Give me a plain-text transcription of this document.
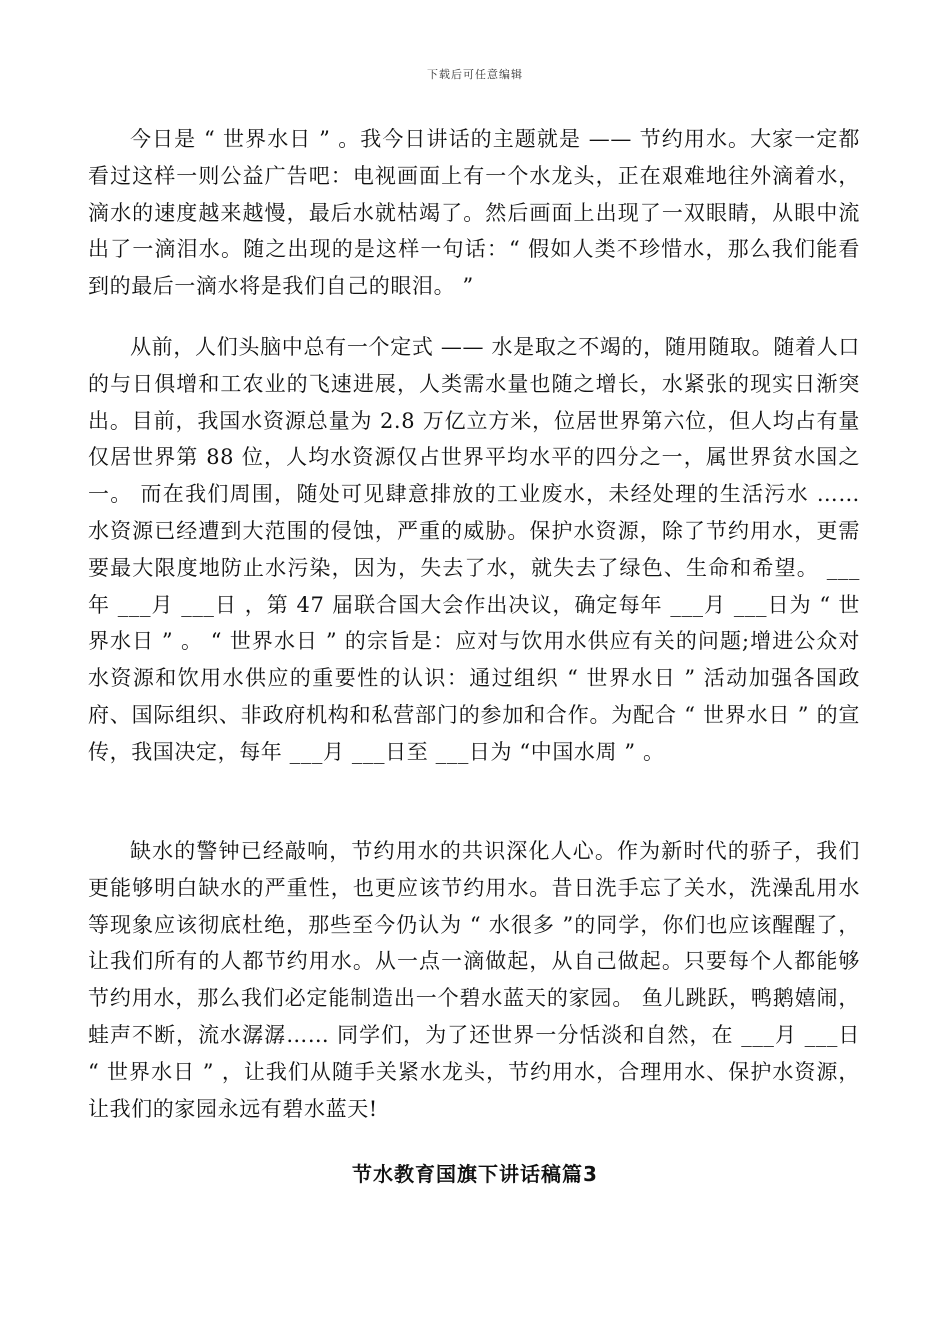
下载后可任意编辑

今日是 “ 世界水日 ” 。我今日讲话的主题就是 —— 节约用水。大家一定都看过这样一则公益广告吧：电视画面上有一个水龙头，正在艰难地往外滴着水，滴水的速度越来越慢，最后水就枯竭了。然后画面上出现了一双眼睛，从眼中流出了一滴泪水。随之出现的是这样一句话：“ 假如人类不珍惜水，那么我们能看到的最后一滴水将是我们自己的眼泪。 ”

从前，人们头脑中总有一个定式 —— 水是取之不竭的，随用随取。随着人口的与日俱增和工农业的飞速进展，人类需水量也随之增长，水紧张的现实日渐突出。目前，我国水资源总量为 2.8 万亿立方米，位居世界第六位，但人均占有量仅居世界第 88 位，人均水资源仅占世界平均水平的四分之一，属世界贫水国之一。 而在我们周围，随处可见肆意排放的工业废水，未经处理的生活污水 …… 水资源已经遭到大范围的侵蚀，严重的威胁。保护水资源，除了节约用水，更需要最大限度地防止水污染，因为，失去了水，就失去了绿色、生命和希望。 ___年 ___月 ___日 ，第 47 届联合国大会作出决议，确定每年 ___月 ___日为 “ 世界水日 ” 。 “ 世界水日 ” 的宗旨是：应对与饮用水供应有关的问题;增进公众对水资源和饮用水供应的重要性的认识：通过组织 “ 世界水日 ” 活动加强各国政府、国际组织、非政府机构和私营部门的参加和合作。为配合 “ 世界水日 ” 的宣传，我国决定，每年 ___月 ___日至 ___日为 “中国水周 ” 。

缺水的警钟已经敲响，节约用水的共识深化人心。作为新时代的骄子，我们更能够明白缺水的严重性，也更应该节约用水。昔日洗手忘了关水，洗澡乱用水等现象应该彻底杜绝，那些至今仍认为 “ 水很多 ”的同学，你们也应该醒醒了，让我们所有的人都节约用水。从一点一滴做起，从自己做起。只要每个人都能够节约用水，那么我们必定能制造出一个碧水蓝天的家园。 鱼儿跳跃，鸭鹅嬉闹，蛙声不断，流水潺潺…… 同学们，为了还世界一分恬淡和自然，在 ___月 ___日 “ 世界水日 ” ，让我们从随手关紧水龙头，节约用水，合理用水、保护水资源，让我们的家园永远有碧水蓝天!

节水教育国旗下讲话稿篇3
